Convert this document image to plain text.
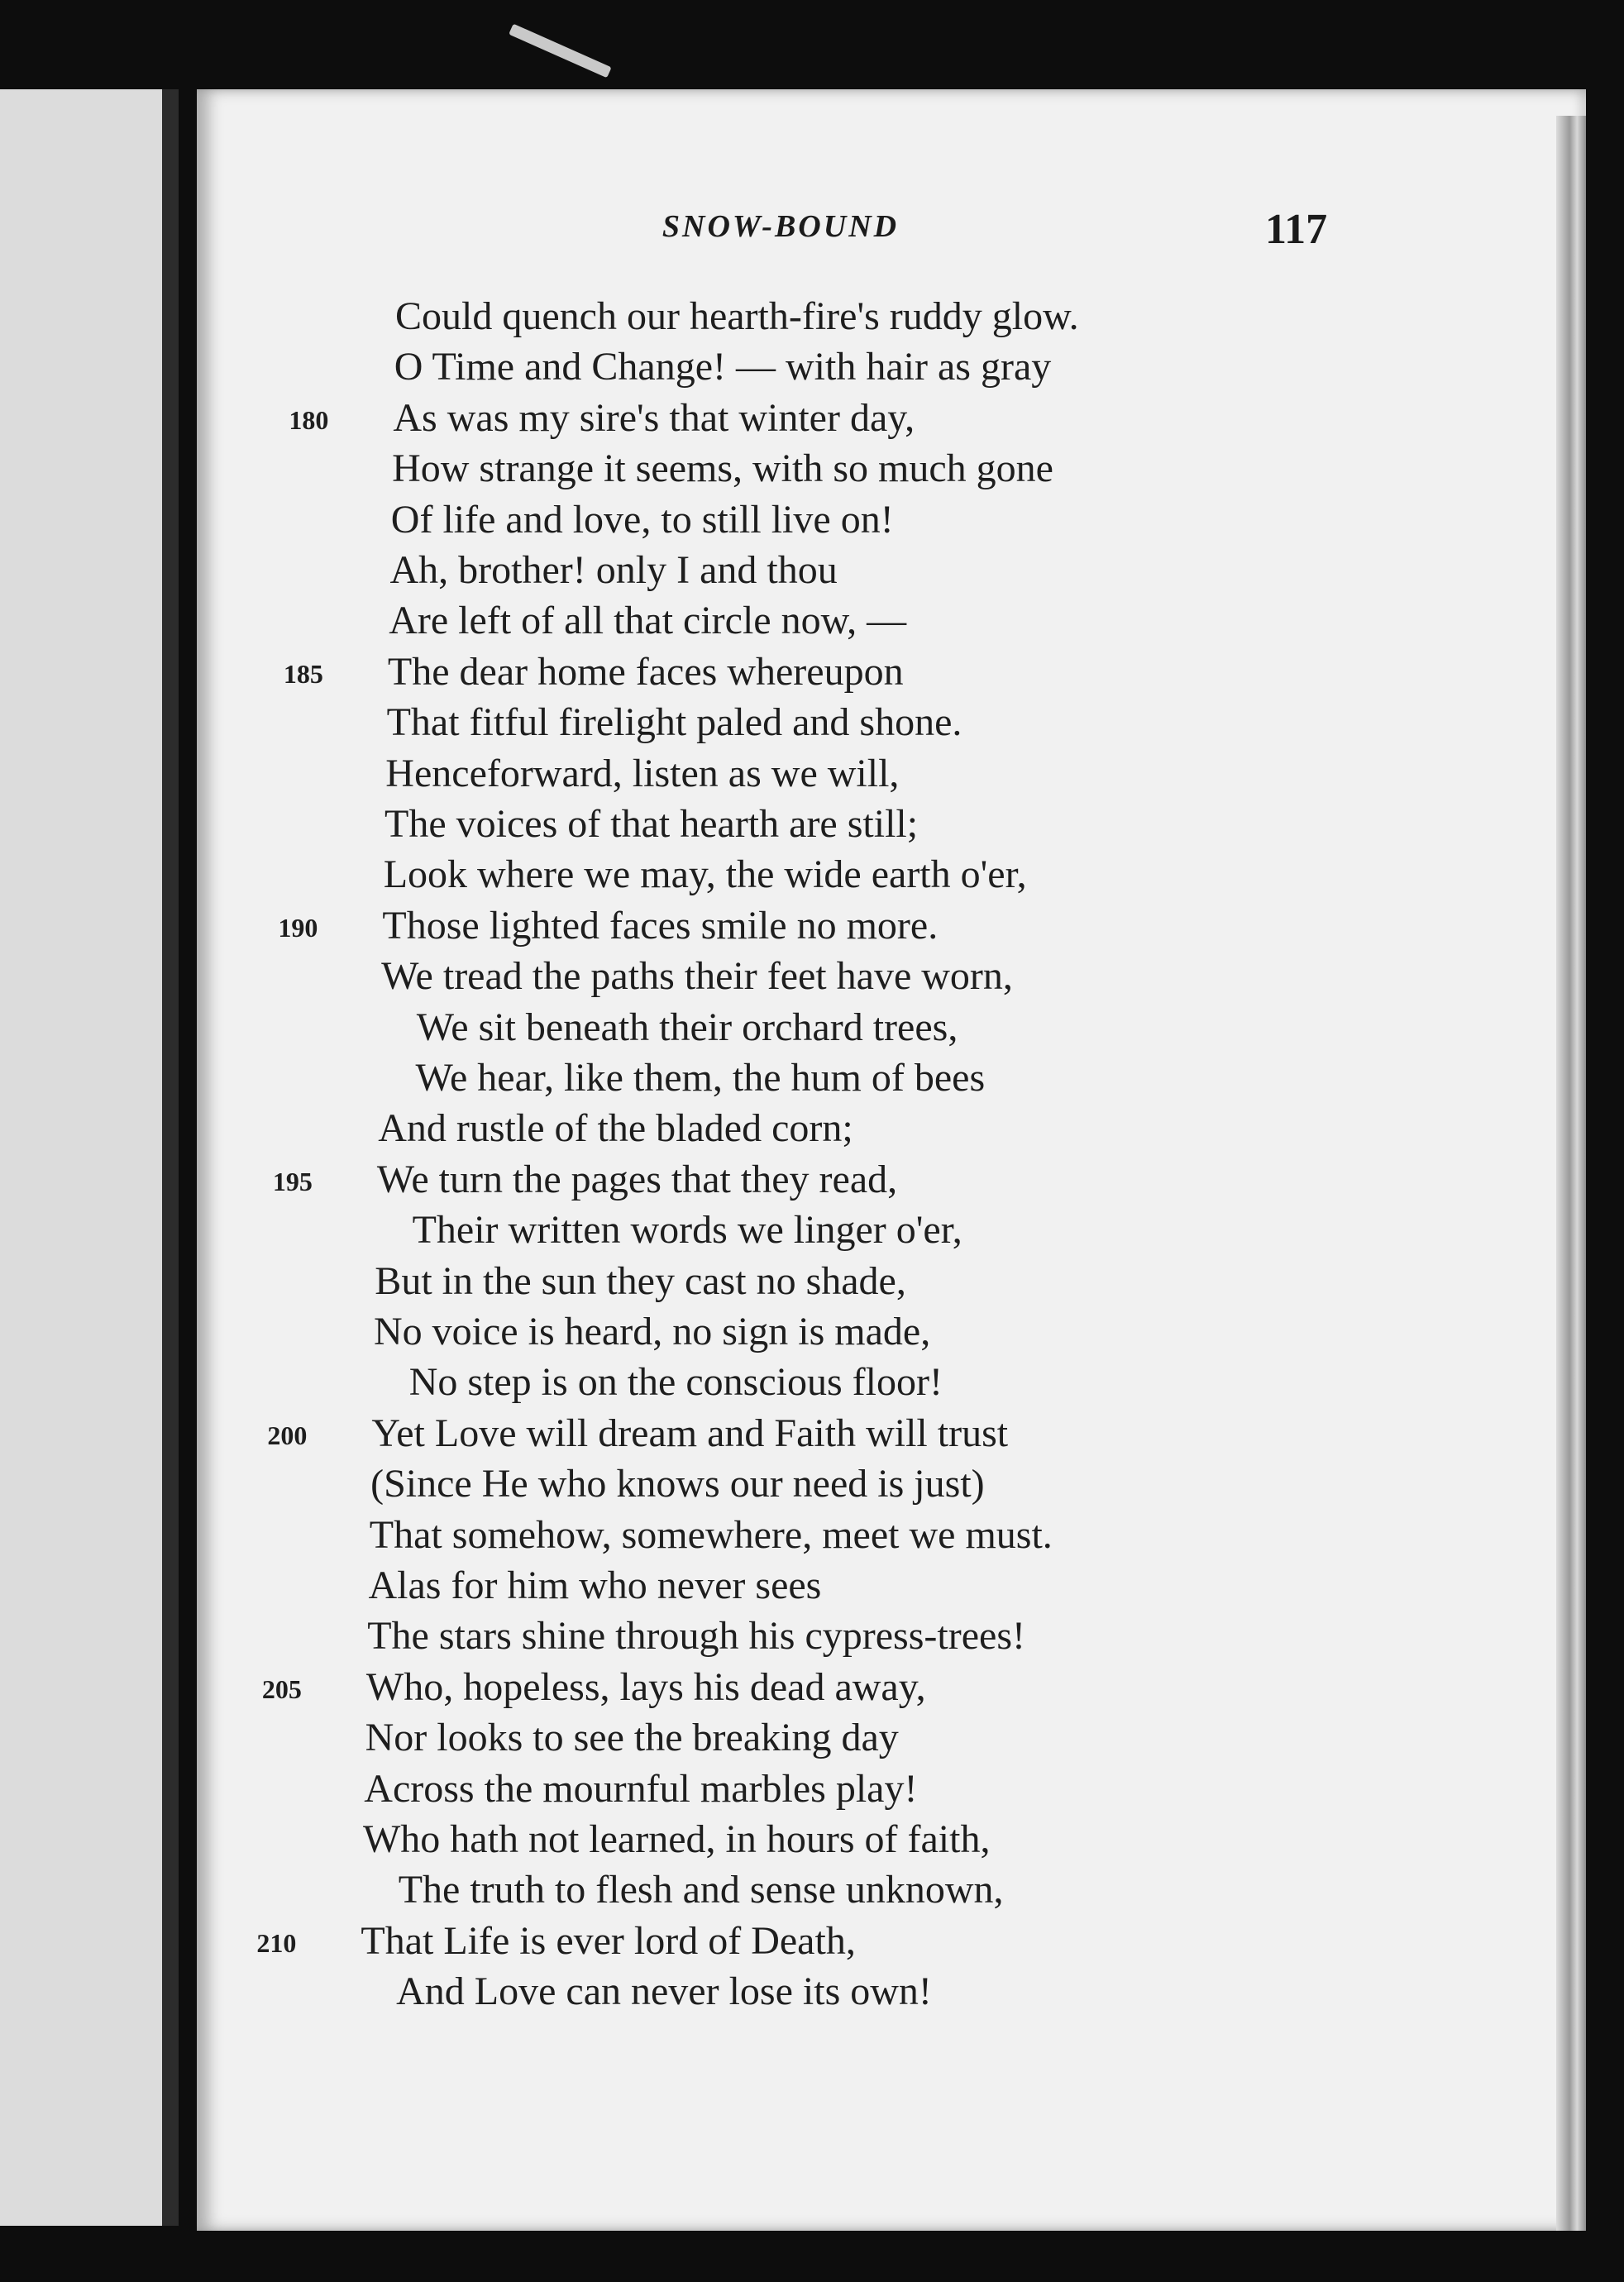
SNOW-BOUND	117
Could quench our hearth-fire's ruddy glow.
O Time and Change! — with hair as gray
As was my sire's that winter day,
180
How strange it seems, with so much gone
Of life and love, to still live on!
Ah, brother! only I and thou
Are left of all that circle now, —
The dear home faces whereupon
185
That fitful firelight paled and shone.
Henceforward, listen as we will,
The voices of that hearth are still;
Look where we may, the wide earth o'er,
Those lighted faces smile no more.
190
We tread the paths their feet have worn,
We sit beneath their orchard trees,
We hear, like them, the hum of bees
And rustle of the bladed corn;
We turn the pages that they read,
195
Their written words we linger o'er,
But in the sun they cast no shade,
No voice is heard, no sign is made,
No step is on the conscious floor!
Yet Love will dream and Faith will trust
200
(Since He who knows our need is just)
That somehow, somewhere, meet we must.
Alas for him who never sees
The stars shine through his cypress-trees!
Who, hopeless, lays his dead away,
205
Nor looks to see the breaking day
Across the mournful marbles play!
Who hath not learned, in hours of faith,
The truth to flesh and sense unknown,
That Life is ever lord of Death,
210
And Love can never lose its own!
